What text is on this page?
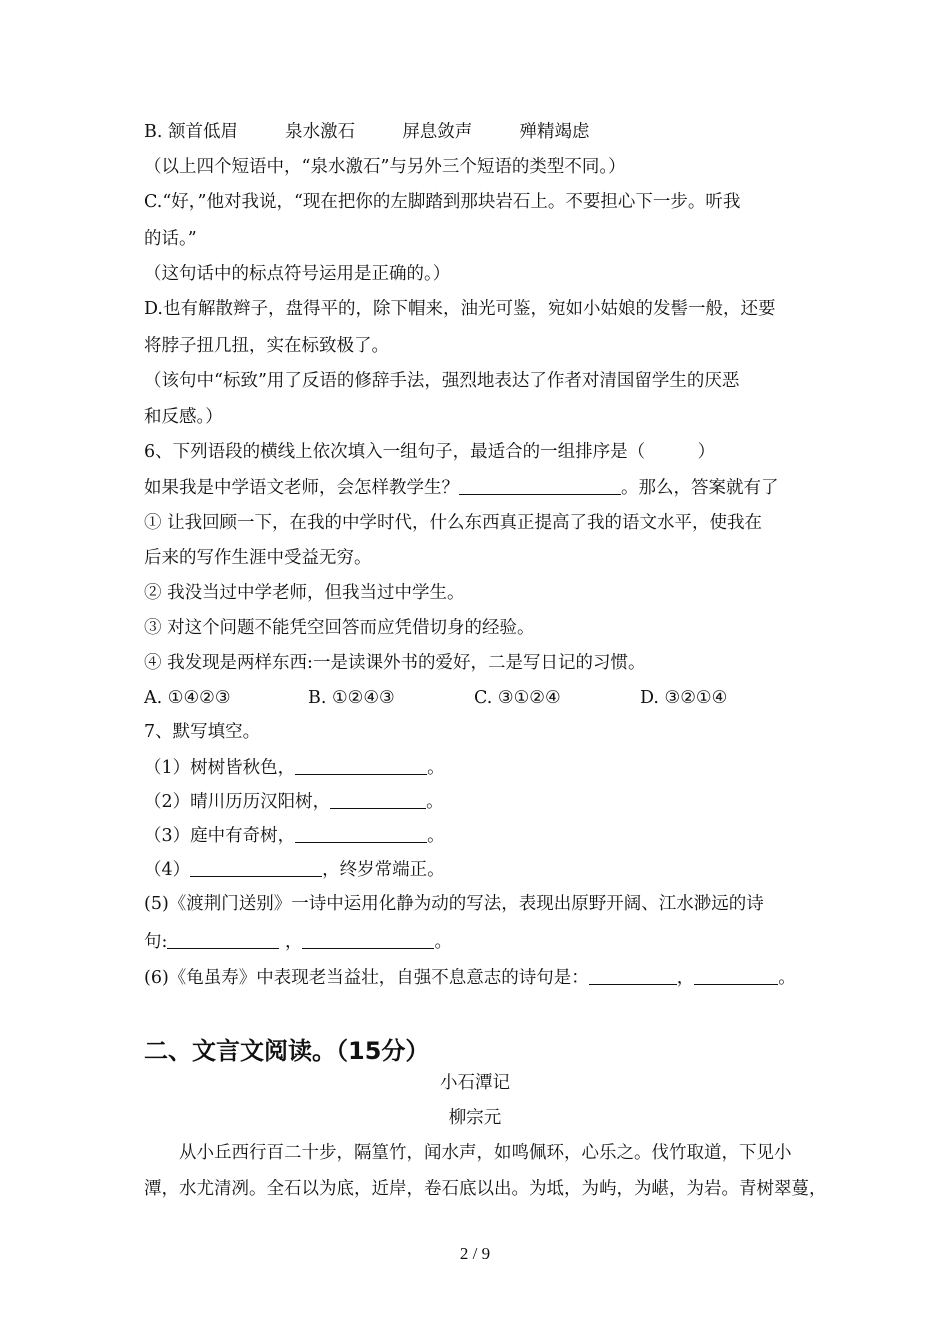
B. 颔首低眉	泉水激石	屏息敛声	殚精竭虑
（以上四个短语中，“泉水激石”与另外三个短语的类型不同。）
C.“好，”他对我说，“现在把你的左脚踏到那块岩石上。不要担心下一步。听我
的话。”
（这句话中的标点符号运用是正确的。）
D.也有解散辫子，盘得平的，除下帽来，油光可鉴，宛如小姑娘的发髻一般，还要
将脖子扭几扭，实在标致极了。
（该句中“标致”用了反语的修辞手法，强烈地表达了作者对清国留学生的厌恶
和反感。）
6、下列语段的横线上依次填入一组句子，最适合的一组排序是（　　　）
如果我是中学语文老师，会怎样教学生？	。那么，答案就有了
① 让我回顾一下，在我的中学时代，什么东西真正提高了我的语文水平，使我在
后来的写作生涯中受益无穷。
② 我没当过中学老师，但我当过中学生。
③ 对这个问题不能凭空回答而应凭借切身的经验。
④ 我发现是两样东西:一是读课外书的爱好，二是写日记的习惯。
A. ①④②③	B. ①②④③	C. ③①②④	D. ③②①④
7、默写填空。
（1）树树皆秋色，	。
（2）晴川历历汉阳树，	。
（3）庭中有奇树，	。
（4）	，终岁常端正。
(5)《渡荆门送别》一诗中运用化静为动的写法，表现出原野开阔、江水渺远的诗
句:	，	。
(6)《龟虽寿》中表现老当益壮，自强不息意志的诗句是：	，	。
二、文言文阅读。（15分）
小石潭记
柳宗元
　　从小丘西行百二十步，隔篁竹，闻水声，如鸣佩环，心乐之。伐竹取道，下见小
潭，水尤清冽。全石以为底，近岸，卷石底以出。为坻，为屿，为嵁，为岩。青树翠蔓，
2 / 9
